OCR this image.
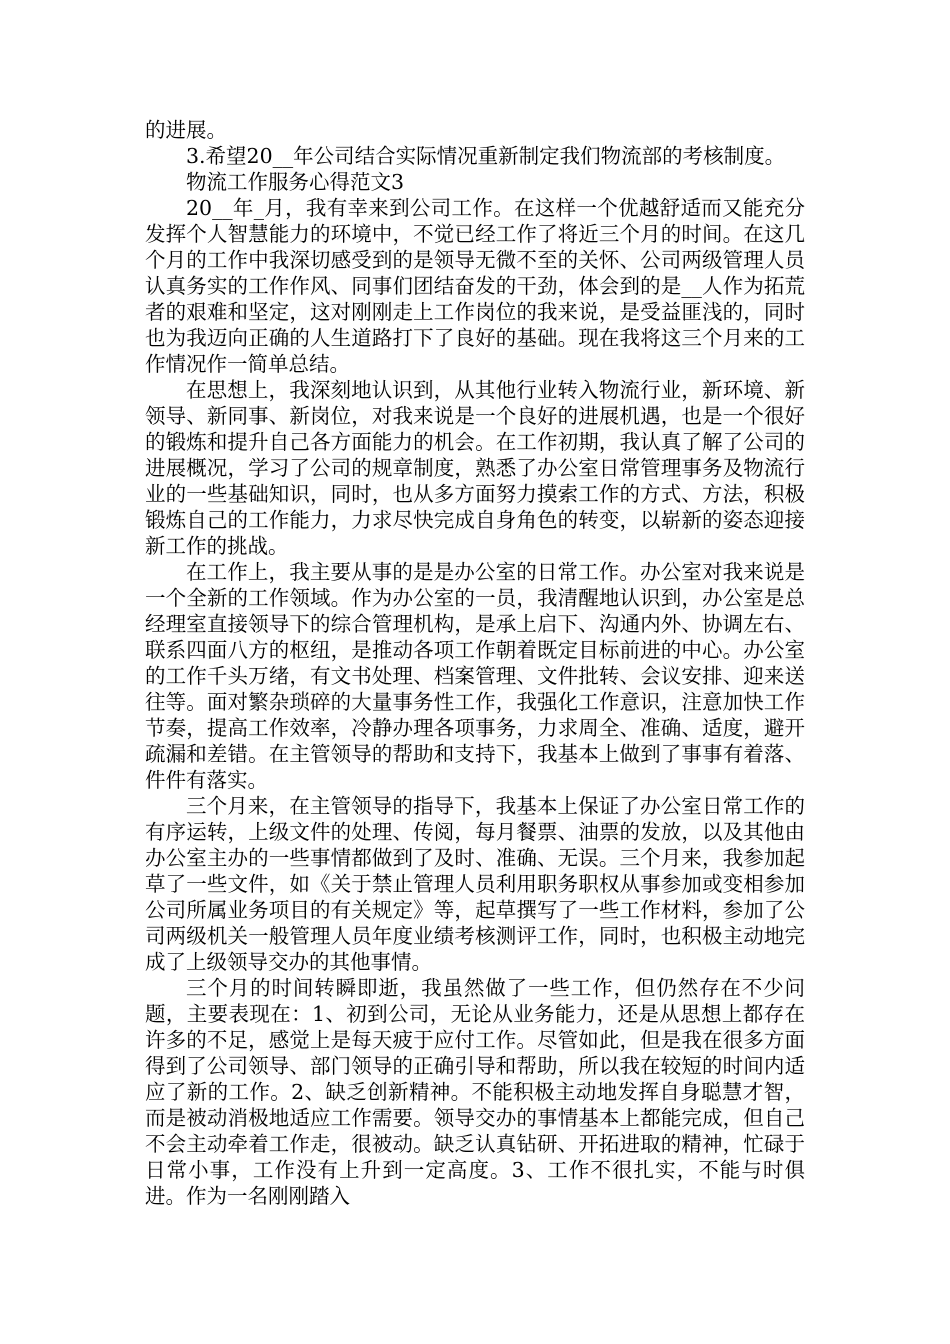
的进展。

3.希望20__年公司结合实际情况重新制定我们物流部的考核制度。

物流工作服务心得范文3

20__年_月，我有幸来到公司工作。在这样一个优越舒适而又能充分发挥个人智慧能力的环境中，不觉已经工作了将近三个月的时间。在这几个月的工作中我深切感受到的是领导无微不至的关怀、公司两级管理人员认真务实的工作作风、同事们团结奋发的干劲，体会到的是__人作为拓荒者的艰难和坚定，这对刚刚走上工作岗位的我来说，是受益匪浅的，同时也为我迈向正确的人生道路打下了良好的基础。现在我将这三个月来的工作情况作一简单总结。

在思想上，我深刻地认识到，从其他行业转入物流行业，新环境、新领导、新同事、新岗位，对我来说是一个良好的进展机遇，也是一个很好的锻炼和提升自己各方面能力的机会。在工作初期，我认真了解了公司的进展概况，学习了公司的规章制度，熟悉了办公室日常管理事务及物流行业的一些基础知识，同时，也从多方面努力摸索工作的方式、方法，积极锻炼自己的工作能力，力求尽快完成自身角色的转变，以崭新的姿态迎接新工作的挑战。

在工作上，我主要从事的是是办公室的日常工作。办公室对我来说是一个全新的工作领域。作为办公室的一员，我清醒地认识到，办公室是总经理室直接领导下的综合管理机构，是承上启下、沟通内外、协调左右、联系四面八方的枢纽，是推动各项工作朝着既定目标前进的中心。办公室的工作千头万绪，有文书处理、档案管理、文件批转、会议安排、迎来送往等。面对繁杂琐碎的大量事务性工作，我强化工作意识，注意加快工作节奏，提高工作效率，冷静办理各项事务，力求周全、准确、适度，避开疏漏和差错。在主管领导的帮助和支持下，我基本上做到了事事有着落、件件有落实。

三个月来，在主管领导的指导下，我基本上保证了办公室日常工作的有序运转，上级文件的处理、传阅，每月餐票、油票的发放，以及其他由办公室主办的一些事情都做到了及时、准确、无误。三个月来，我参加起草了一些文件，如《关于禁止管理人员利用职务职权从事参加或变相参加公司所属业务项目的有关规定》等，起草撰写了一些工作材料，参加了公司两级机关一般管理人员年度业绩考核测评工作，同时，也积极主动地完成了上级领导交办的其他事情。

三个月的时间转瞬即逝，我虽然做了一些工作，但仍然存在不少问题，主要表现在：1、初到公司，无论从业务能力，还是从思想上都存在许多的不足，感觉上是每天疲于应付工作。尽管如此，但是我在很多方面得到了公司领导、部门领导的正确引导和帮助，所以我在较短的时间内适应了新的工作。2、缺乏创新精神。不能积极主动地发挥自身聪慧才智，而是被动消极地适应工作需要。领导交办的事情基本上都能完成，但自己不会主动牵着工作走，很被动。缺乏认真钻研、开拓进取的精神，忙碌于日常小事，工作没有上升到一定高度。3、工作不很扎实，不能与时俱进。作为一名刚刚踏入
